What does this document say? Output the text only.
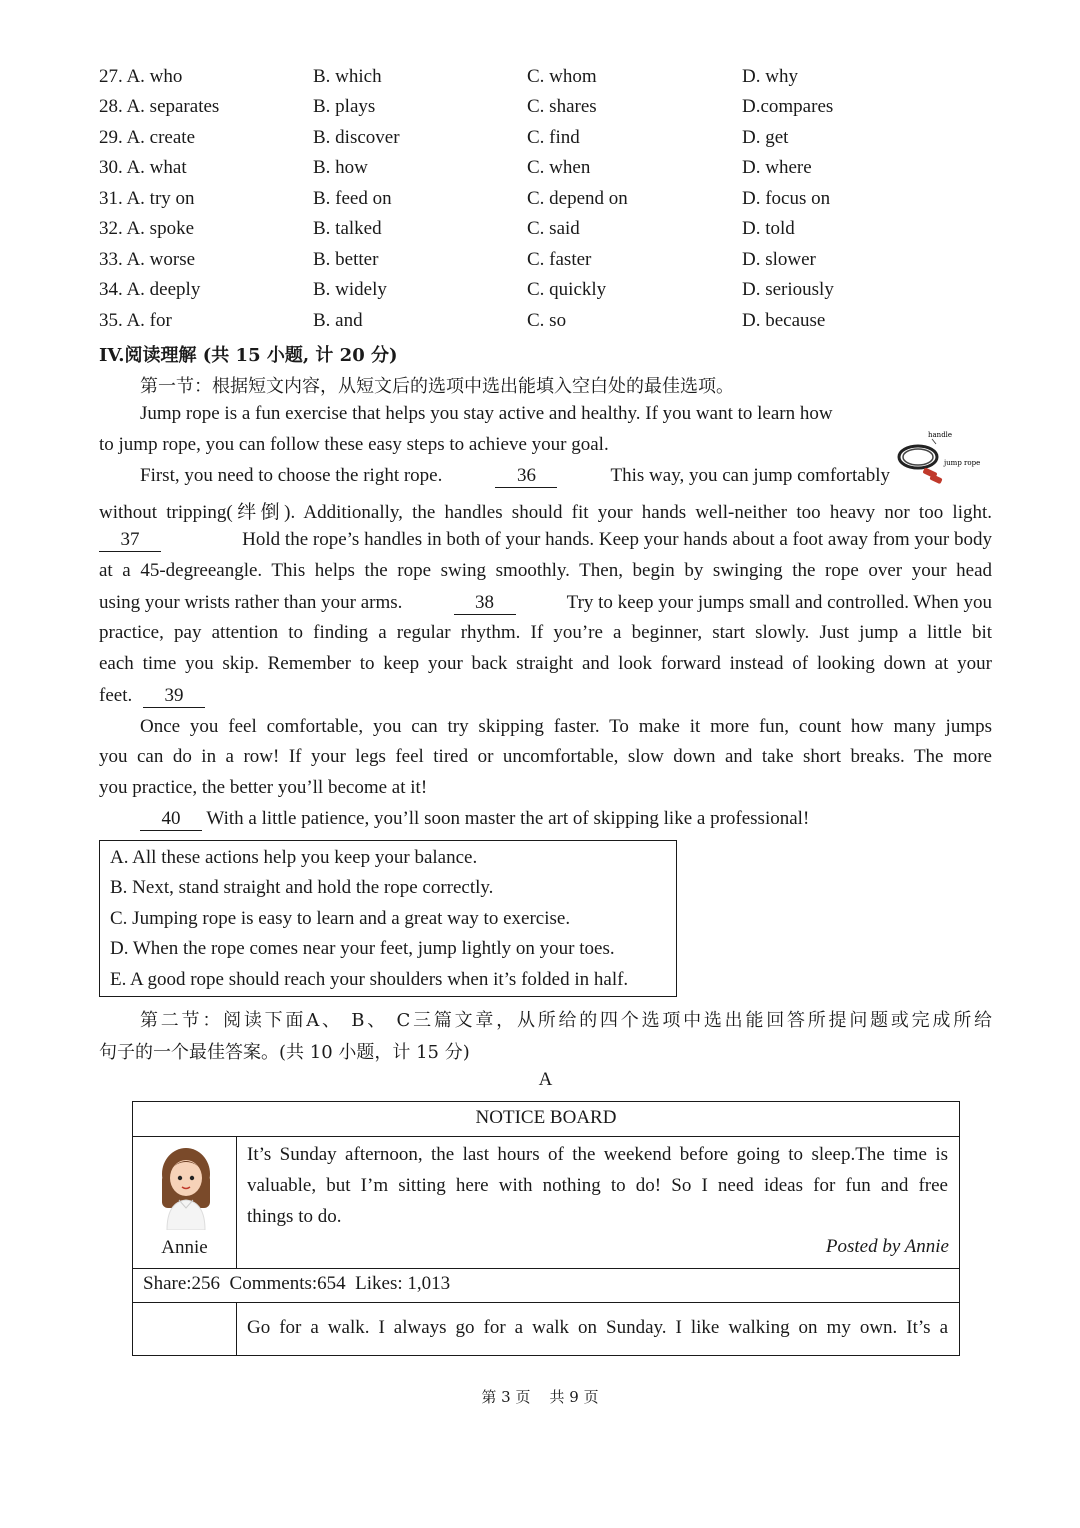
27. A. who	B. which	C. whom	D. why
28. A. separates	B. plays	C. shares	D.compares
29. A. create	B. discover	C. find	D. get
30. A. what	B. how	C. when	D. where
31. A. try on	B. feed on	C. depend on	D. focus on
32. A. spoke	B. talked	C. said	D. told
33. A. worse	B. better	C. faster	D. slower
34. A. deeply	B. widely	C. quickly	D. seriously
35. A. for	B. and	C. so	D. because
IV.阅读理解 (共 15 小题, 计 20 分)
第一节：根据短文内容，从短文后的选项中选出能填入空白处的最佳选项。
Jump rope is a fun exercise that helps you stay active and healthy. If you want to learn how
to jump rope, you can follow these easy steps to achieve your goal.
First, you need to choose the right rope.	36	This way, you can jump comfortably
handle
jump rope
without tripping(绊倒). Additionally, the handles should fit your hands well-neither too heavy nor too light.
37	Hold the rope’s handles in both of your hands. Keep your hands about a foot away from your body
at a 45-degreeangle. This helps the rope swing smoothly. Then, begin by swinging the rope over your head
using your wrists rather than your arms.	38	Try to keep your jumps small and controlled. When you
practice, pay attention to finding a regular rhythm. If you’re a beginner, start slowly. Just jump a little bit
each time you skip. Remember to keep your back straight and look forward instead of looking down at your
feet. 39
Once you feel comfortable, you can try skipping faster. To make it more fun, count how many jumps
you can do in a row! If your legs feel tired or uncomfortable, slow down and take short breaks. The more
you practice, the better you’ll become at it!
40 With a little patience, you’ll soon master the art of skipping like a professional!
A. All these actions help you keep your balance.
B. Next, stand straight and hold the rope correctly.
C. Jumping rope is easy to learn and a great way to exercise.
D. When the rope comes near your feet, jump lightly on your toes.
E. A good rope should reach your shoulders when it’s folded in half.
第二节：阅读下面A、 B、 C三篇文章，从所给的四个选项中选出能回答所提问题或完成所给
句子的一个最佳答案。(共 10 小题，计 15 分)
A
NOTICE BOARD
Annie
It’s Sunday afternoon, the last hours of the weekend before going to sleep.The time is
valuable, but I’m sitting here with nothing to do! So I need ideas for fun and free
things to do.
Posted by Annie
Share:256  Comments:654  Likes: 1,013
Go for a walk. I always go for a walk on Sunday. I like walking on my own. It’s a
第 3 页    共 9 页
